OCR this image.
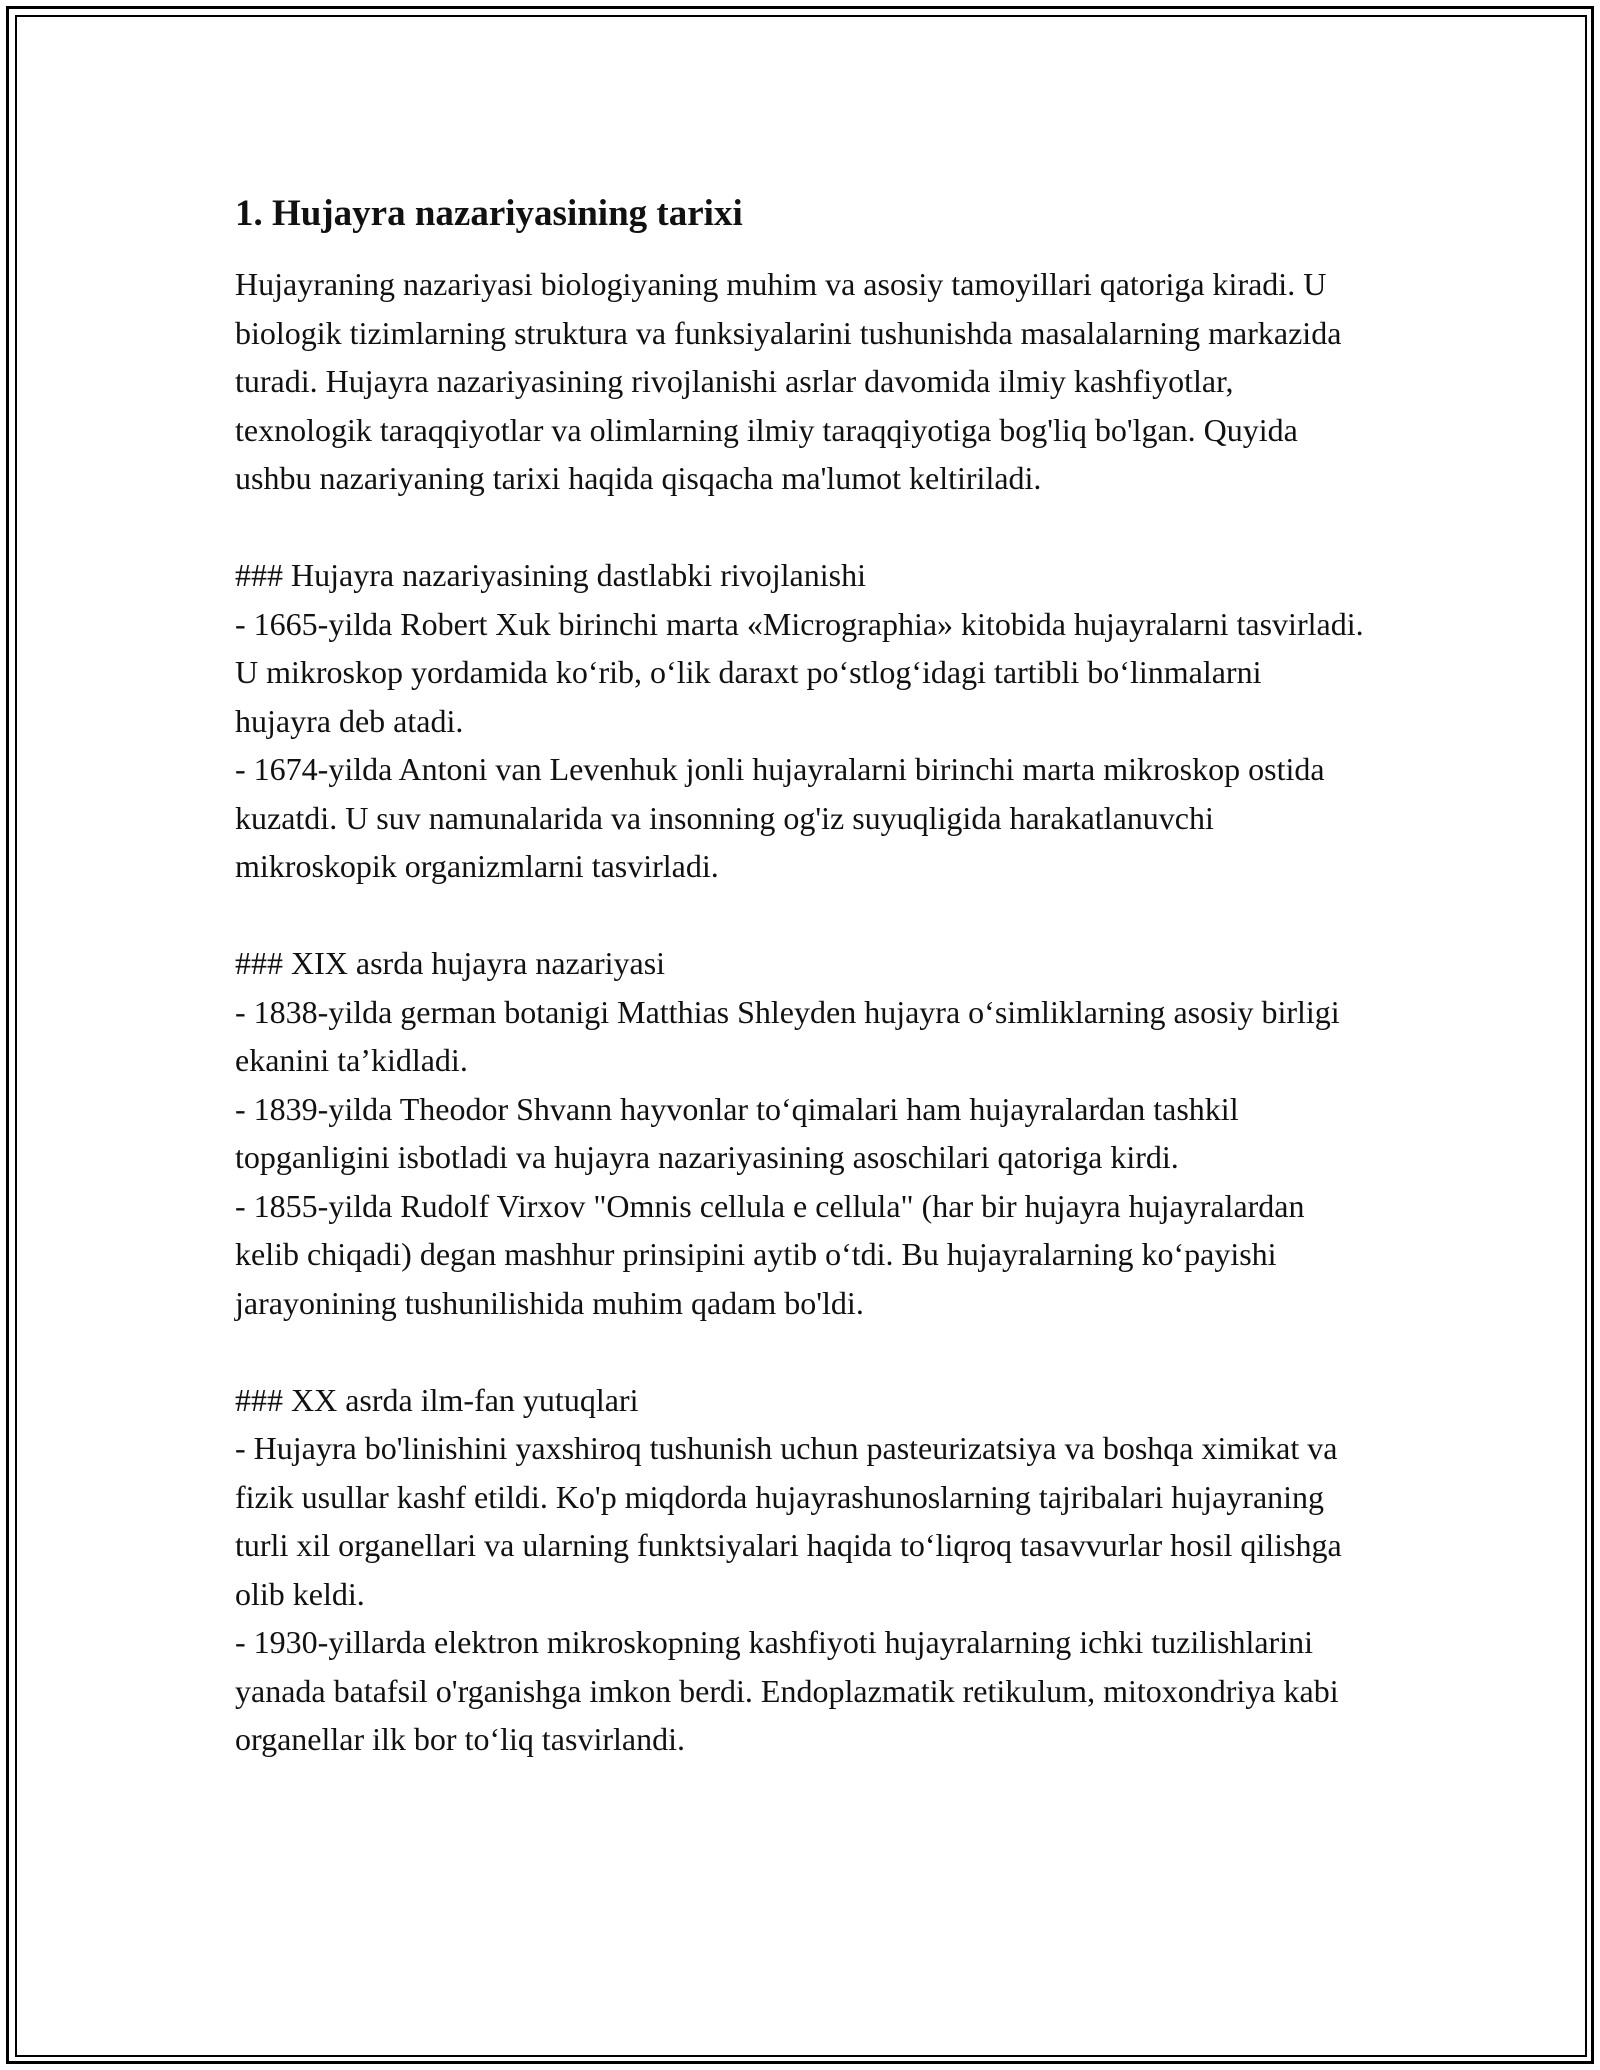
1. Hujayra nazariyasining tarixi

Hujayraning nazariyasi biologiyaning muhim va asosiy tamoyillari qatoriga kiradi. U biologik tizimlarning struktura va funksiyalarini tushunishda masalalarning markazida turadi. Hujayra nazariyasining rivojlanishi asrlar davomida ilmiy kashfiyotlar, texnologik taraqqiyotlar va olimlarning ilmiy taraqqiyotiga bog'liq bo'lgan. Quyida ushbu nazariyaning tarixi haqida qisqacha ma'lumot keltiriladi.

### Hujayra nazariyasining dastlabki rivojlanishi

- 1665-yilda Robert Xuk birinchi marta «Micrographia» kitobida hujayralarni tasvirladi. U mikroskop yordamida ko‘rib, o‘lik daraxt po‘stlog‘idagi tartibli bo‘linmalarni hujayra deb atadi.

- 1674-yilda Antoni van Levenhuk jonli hujayralarni birinchi marta mikroskop ostida kuzatdi. U suv namunalarida va insonning og'iz suyuqligida harakatlanuvchi mikroskopik organizmlarni tasvirladi.

### XIX asrda hujayra nazariyasi

- 1838-yilda german botanigi Matthias Shleyden hujayra o‘simliklarning asosiy birligi ekanini ta’kidladi.

- 1839-yilda Theodor Shvann hayvonlar to‘qimalari ham hujayralardan tashkil topganligini isbotladi va hujayra nazariyasining asoschilari qatoriga kirdi.

- 1855-yilda Rudolf Virxov "Omnis cellula e cellula" (har bir hujayra hujayralardan kelib chiqadi) degan mashhur prinsipini aytib o‘tdi. Bu hujayralarning ko‘payishi jarayonining tushunilishida muhim qadam bo'ldi.

### XX asrda ilm-fan yutuqlari

- Hujayra bo'linishini yaxshiroq tushunish uchun pasteurizatsiya va boshqa ximikat va fizik usullar kashf etildi. Ko'p miqdorda hujayrashunoslarning tajribalari hujayraning turli xil organellari va ularning funktsiyalari haqida to‘liqroq tasavvurlar hosil qilishga olib keldi.

- 1930-yillarda elektron mikroskopning kashfiyoti hujayralarning ichki tuzilishlarini yanada batafsil o'rganishga imkon berdi. Endoplazmatik retikulum, mitoxondriya kabi organellar ilk bor to‘liq tasvirlandi.
